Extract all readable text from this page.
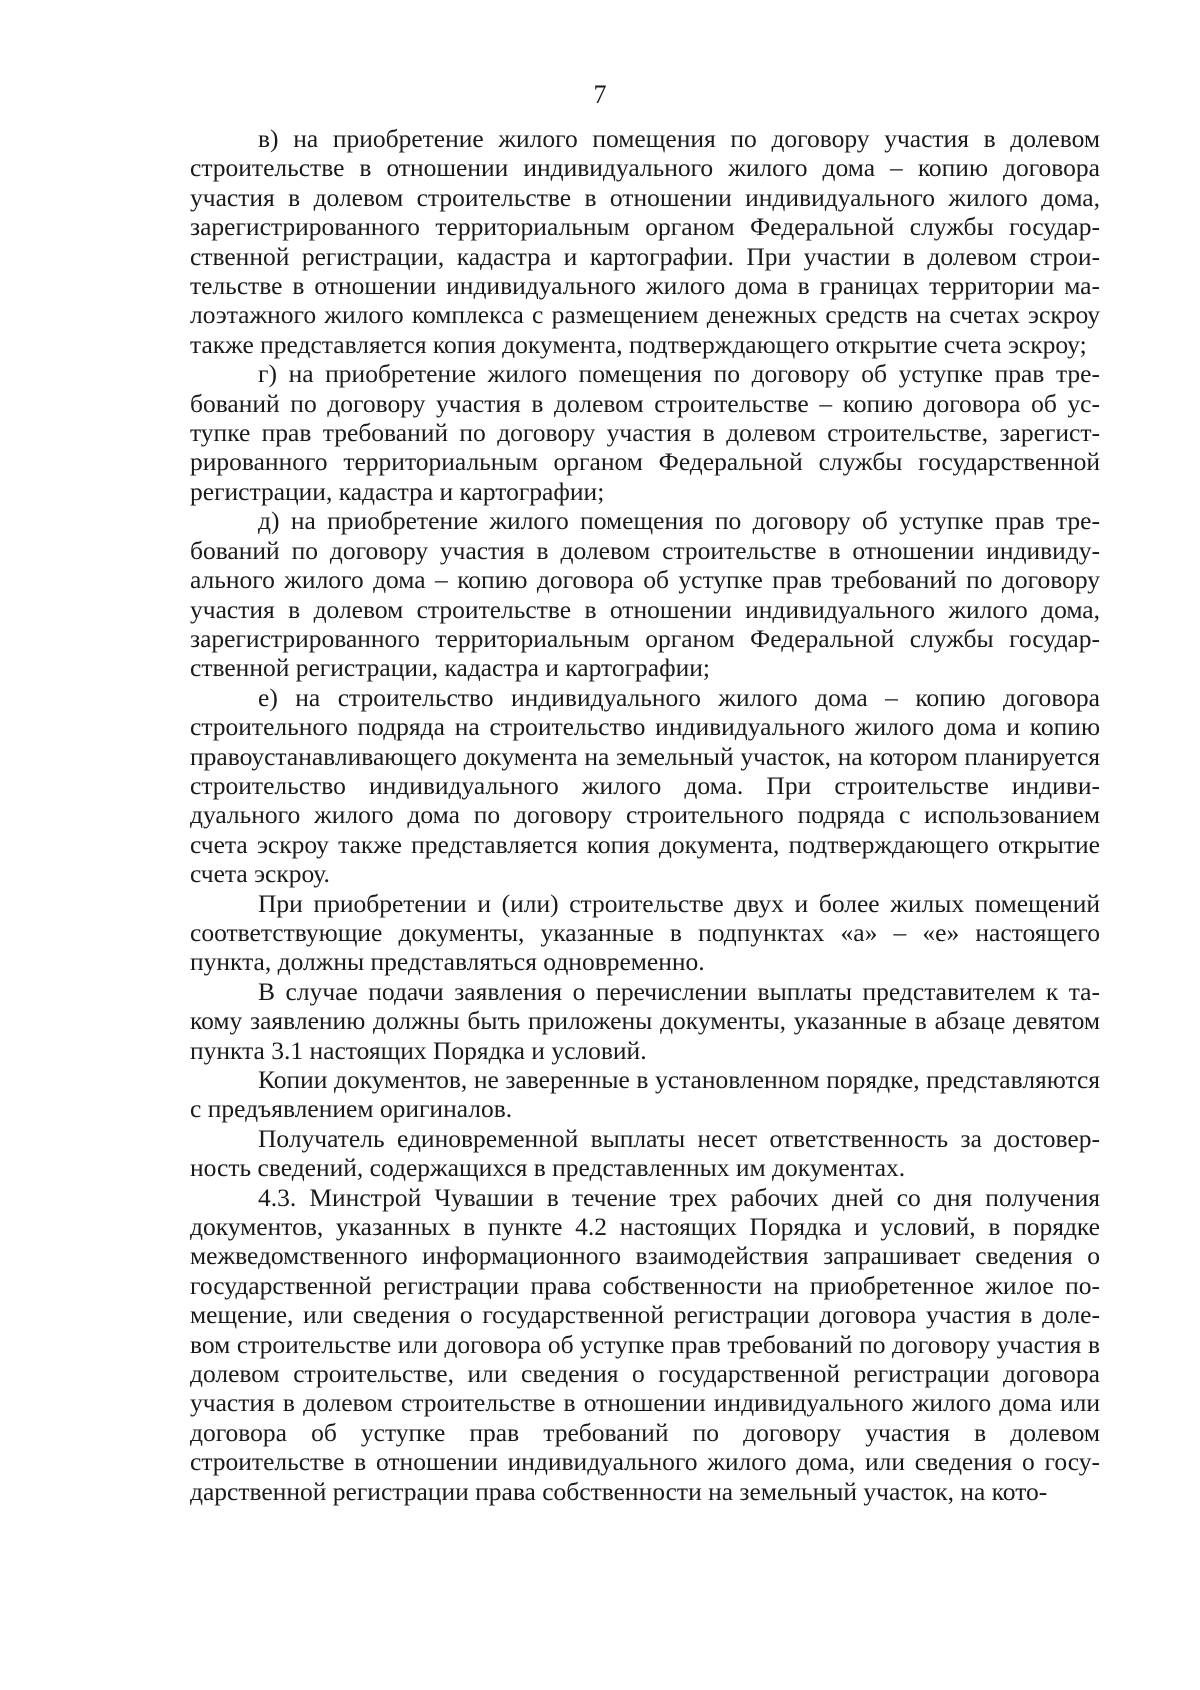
7

в) на приобретение жилого помещения по договору участия в долевом строительстве в отношении индивидуального жилого дома – копию договора участия в долевом строительстве в отношении индивидуального жилого дома, зарегистрированного территориальным органом Федеральной службы государственной регистрации, кадастра и картографии. При участии в долевом строительстве в отношении индивидуального жилого дома в границах территории малоэтажного жилого комплекса с размещением денежных средств на счетах эскроу также представляется копия документа, подтверждающего открытие счета эскроу;

г) на приобретение жилого помещения по договору об уступке прав требований по договору участия в долевом строительстве – копию договора об уступке прав требований по договору участия в долевом строительстве, зарегистрированного территориальным органом Федеральной службы государственной регистрации, кадастра и картографии;

д) на приобретение жилого помещения по договору об уступке прав требований по договору участия в долевом строительстве в отношении индивидуального жилого дома – копию договора об уступке прав требований по договору участия в долевом строительстве в отношении индивидуального жилого дома, зарегистрированного территориальным органом Федеральной службы государственной регистрации, кадастра и картографии;

е) на строительство индивидуального жилого дома – копию договора строительного подряда на строительство индивидуального жилого дома и копию правоустанавливающего документа на земельный участок, на котором планируется строительство индивидуального жилого дома. При строительстве индивидуального жилого дома по договору строительного подряда с использованием счета эскроу также представляется копия документа, подтверждающего открытие счета эскроу.

При приобретении и (или) строительстве двух и более жилых помещений соответствующие документы, указанные в подпунктах «а» – «е» настоящего пункта, должны представляться одновременно.

В случае подачи заявления о перечислении выплаты представителем к такому заявлению должны быть приложены документы, указанные в абзаце девятом пункта 3.1 настоящих Порядка и условий.

Копии документов, не заверенные в установленном порядке, представляются с предъявлением оригиналов.

Получатель единовременной выплаты несет ответственность за достоверность сведений, содержащихся в представленных им документах.

4.3. Минстрой Чувашии в течение трех рабочих дней со дня получения документов, указанных в пункте 4.2 настоящих Порядка и условий, в порядке межведомственного информационного взаимодействия запрашивает сведения о государственной регистрации права собственности на приобретенное жилое помещение, или сведения о государственной регистрации договора участия в долевом строительстве или договора об уступке прав требований по договору участия в долевом строительстве, или сведения о государственной регистрации договора участия в долевом строительстве в отношении индивидуального жилого дома или договора об уступке прав требований по договору участия в долевом строительстве в отношении индивидуального жилого дома, или сведения о государственной регистрации права собственности на земельный участок, на кото-
